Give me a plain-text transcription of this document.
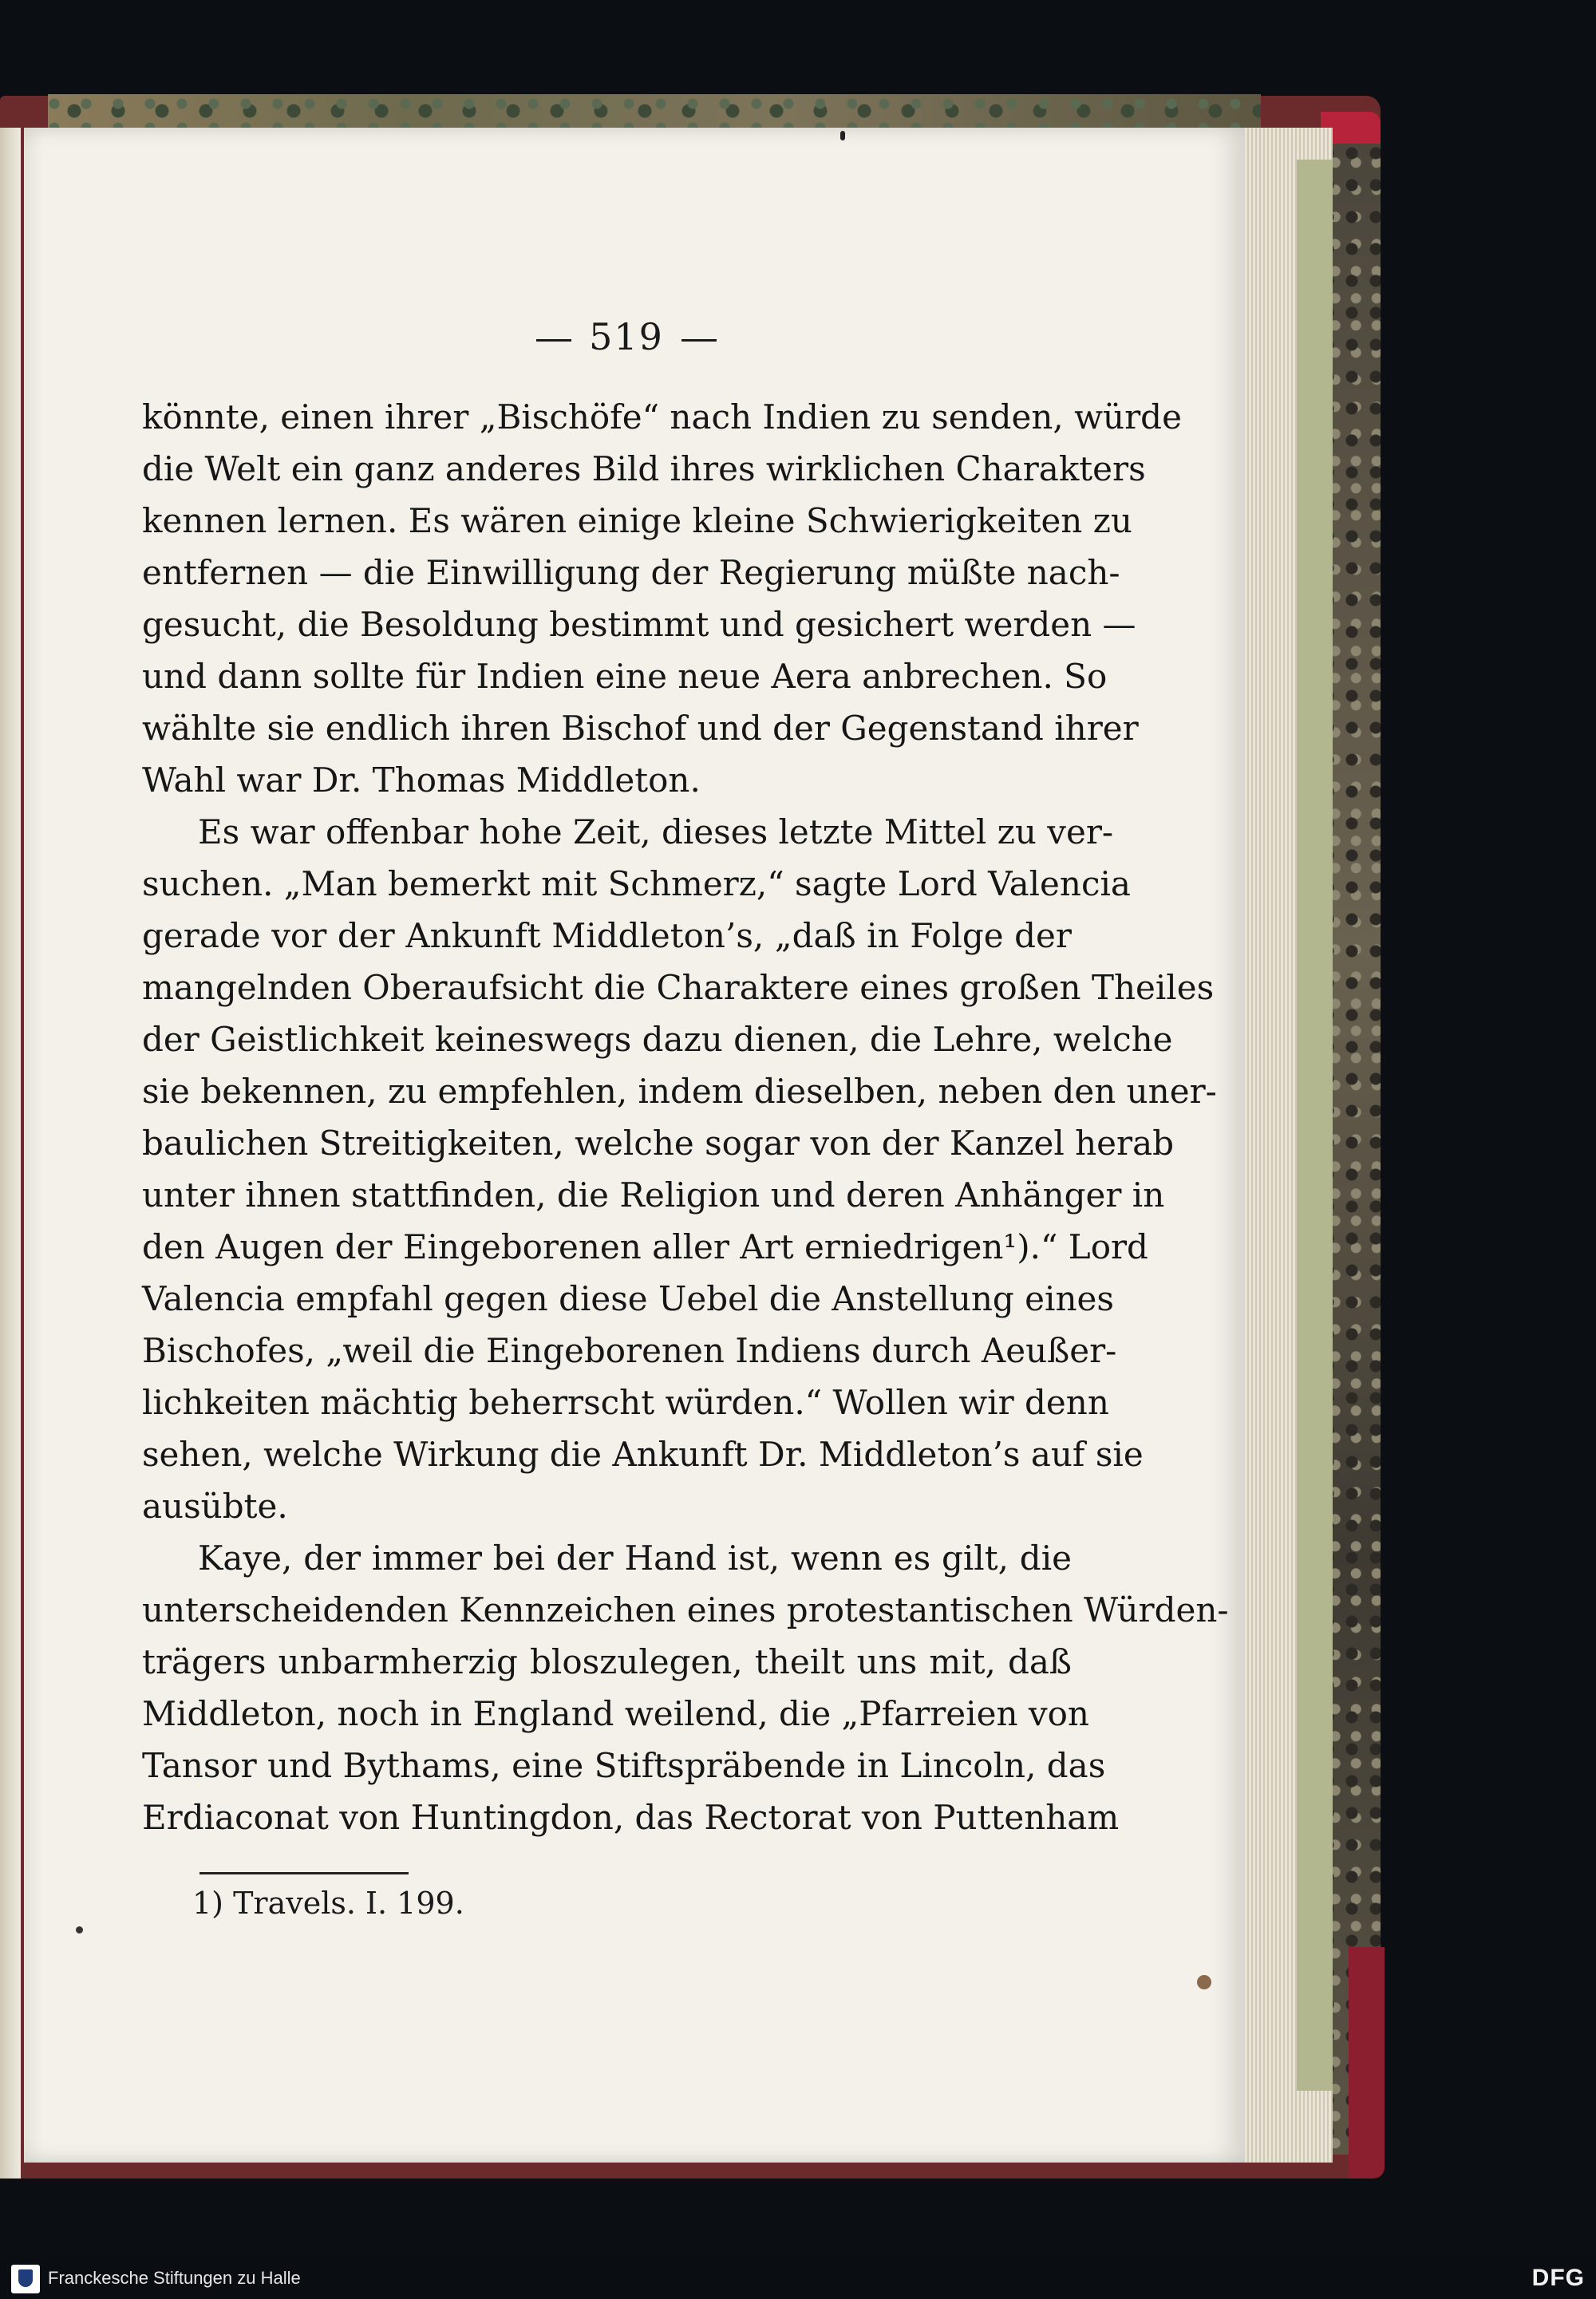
519
könnte, einen ihrer „Bischöfe“ nach Indien zu senden, würde
die Welt ein ganz anderes Bild ihres wirklichen Charakters
kennen lernen. Es wären einige kleine Schwierigkeiten zu
entfernen — die Einwilligung der Regierung müßte nach-
gesucht, die Besoldung bestimmt und gesichert werden —
und dann sollte für Indien eine neue Aera anbrechen. So
wählte sie endlich ihren Bischof und der Gegenstand ihrer
Wahl war Dr. Thomas Middleton.
Es war offenbar hohe Zeit, dieses letzte Mittel zu ver-
suchen. „Man bemerkt mit Schmerz,“ sagte Lord Valencia
gerade vor der Ankunft Middleton’s, „daß in Folge der
mangelnden Oberaufsicht die Charaktere eines großen Theiles
der Geistlichkeit keineswegs dazu dienen, die Lehre, welche
sie bekennen, zu empfehlen, indem dieselben, neben den uner-
baulichen Streitigkeiten, welche sogar von der Kanzel herab
unter ihnen stattfinden, die Religion und deren Anhänger in
den Augen der Eingeborenen aller Art erniedrigen¹).“ Lord
Valencia empfahl gegen diese Uebel die Anstellung eines
Bischofes, „weil die Eingeborenen Indiens durch Aeußer-
lichkeiten mächtig beherrscht würden.“ Wollen wir denn
sehen, welche Wirkung die Ankunft Dr. Middleton’s auf sie
ausübte.
Kaye, der immer bei der Hand ist, wenn es gilt, die
unterscheidenden Kennzeichen eines protestantischen Würden-
trägers unbarmherzig bloszulegen, theilt uns mit, daß
Middleton, noch in England weilend, die „Pfarreien von
Tansor und Bythams, eine Stiftspräbende in Lincoln, das
Erdiaconat von Huntingdon, das Rectorat von Puttenham
1) Travels. I. 199.
Franckesche Stiftungen zu Halle	DFG
